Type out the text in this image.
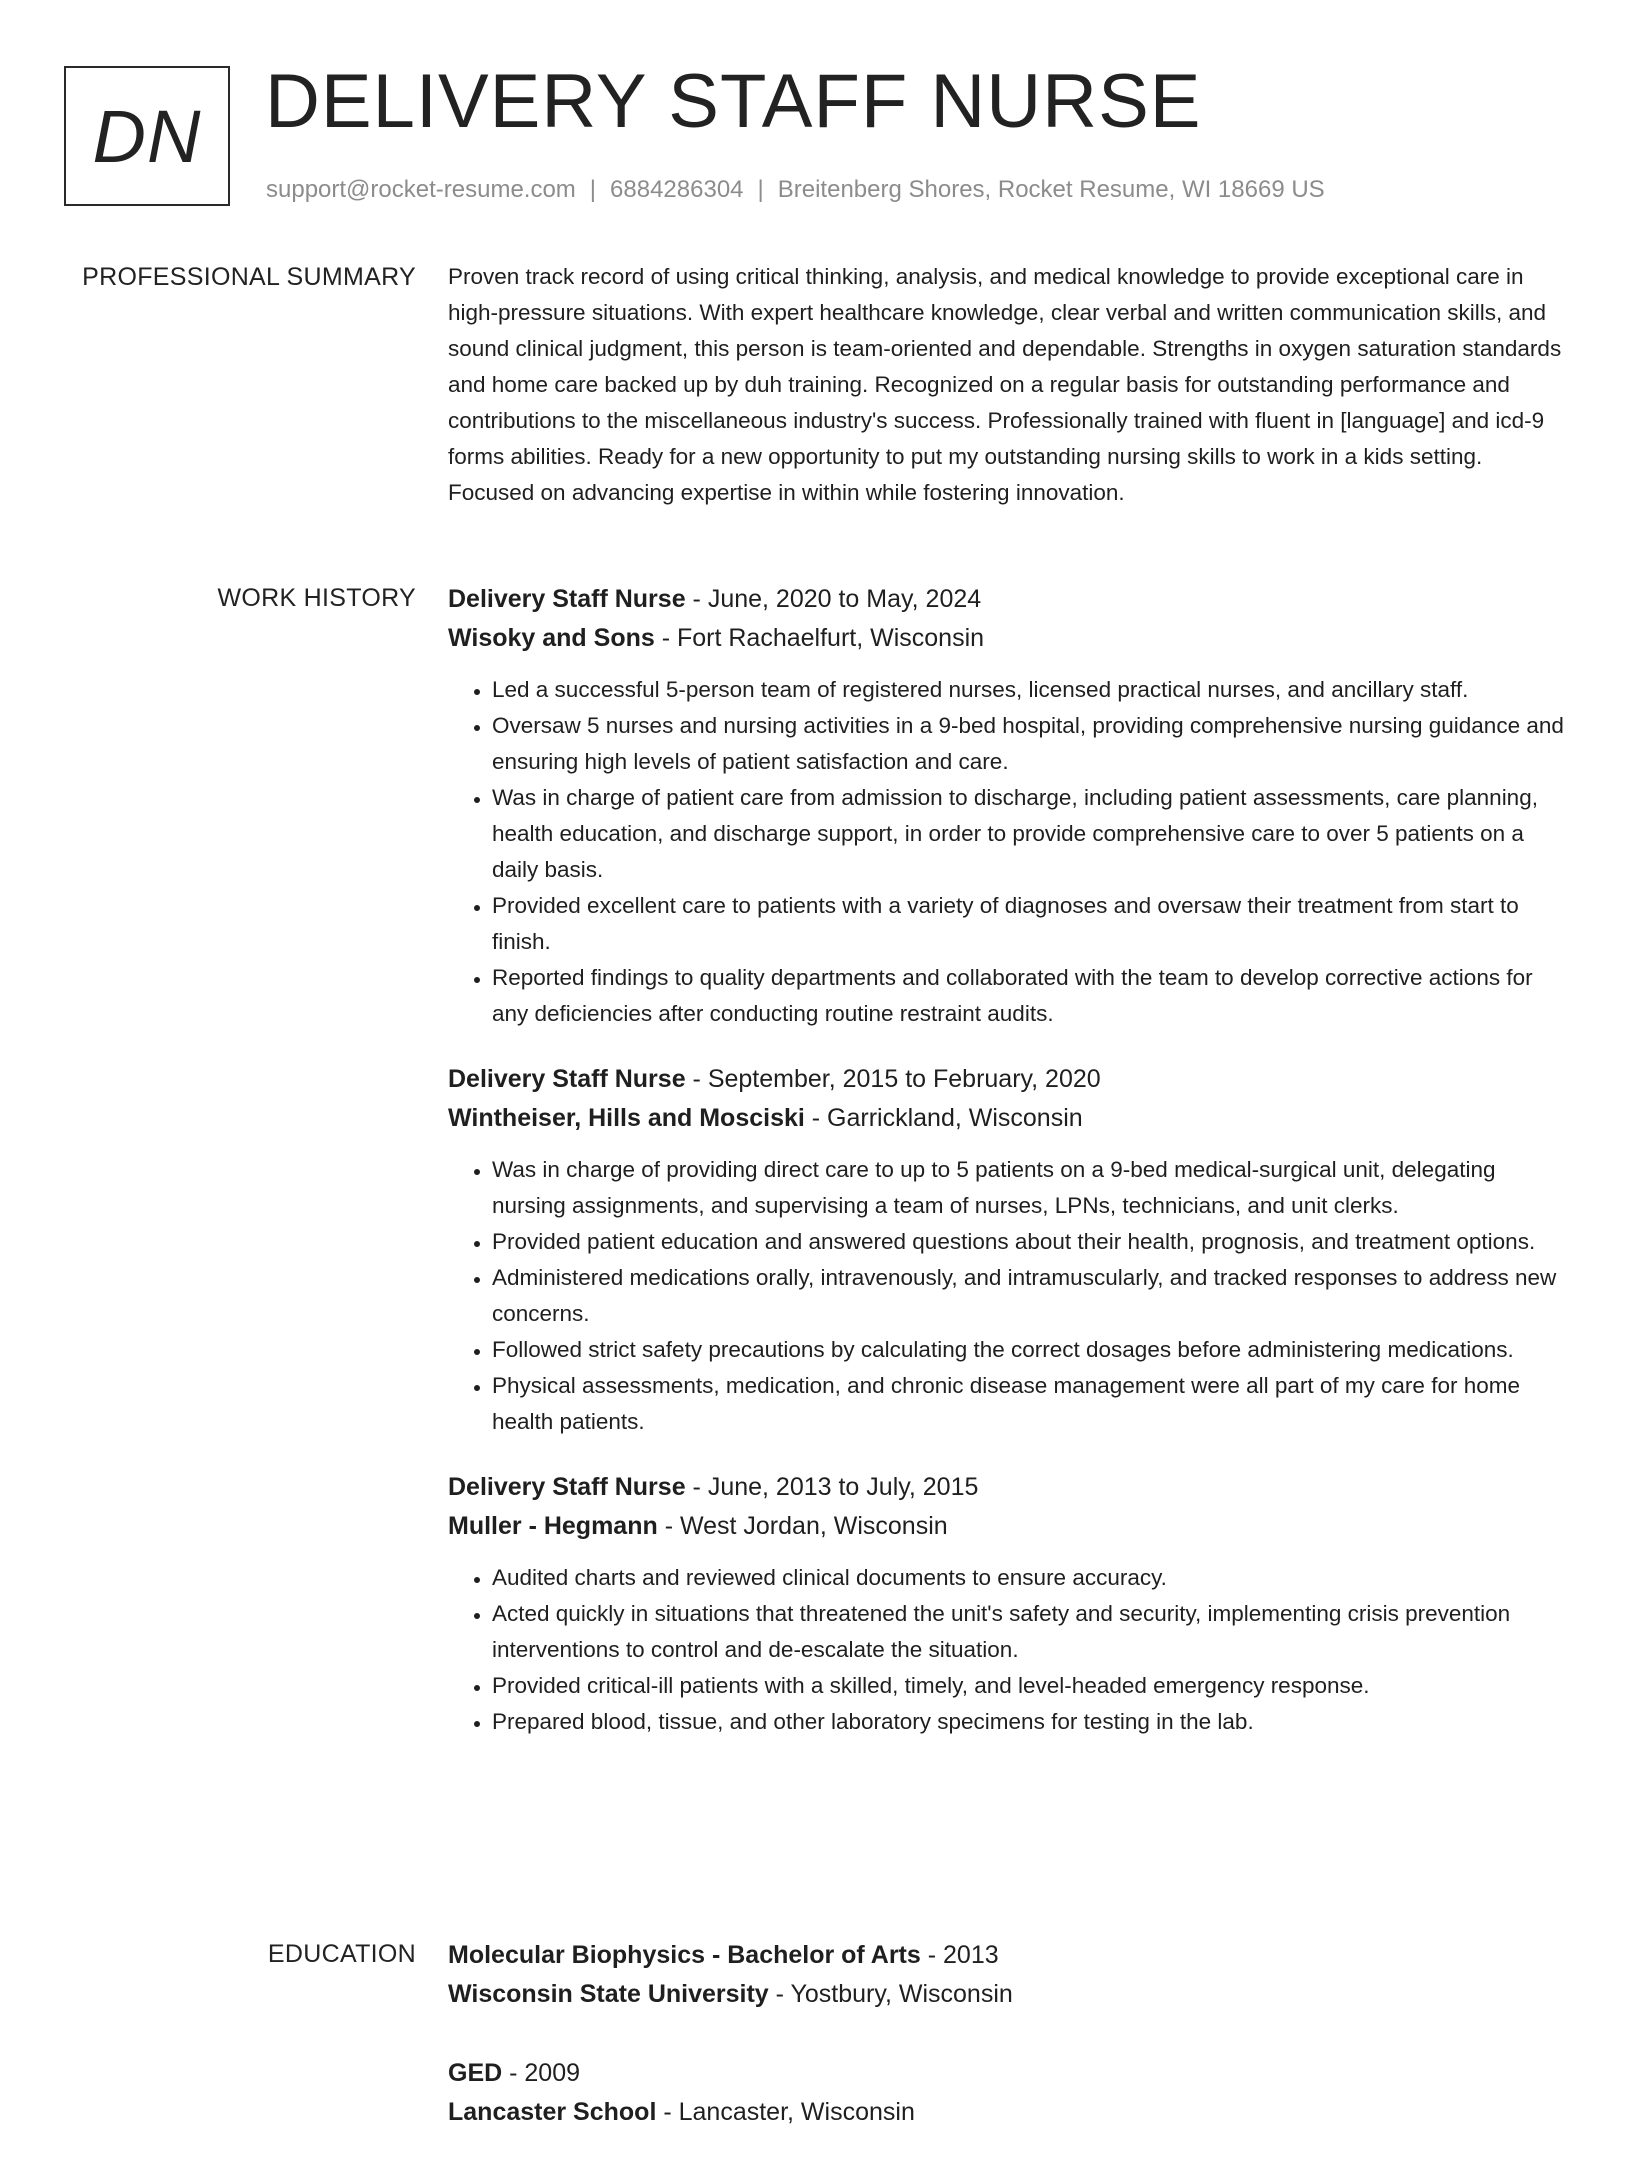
DN DELIVERY STAFF NURSE
support@rocket-resume.com | 6884286304 | Breitenberg Shores, Rocket Resume, WI 18669 US
PROFESSIONAL SUMMARY Proven track record of using critical thinking, analysis, and medical knowledge to provide exceptional care in high-pressure situations. With expert healthcare knowledge, clear verbal and written communication skills, and sound clinical judgment, this person is team-oriented and dependable. Strengths in oxygen saturation standards and home care backed up by duh training. Recognized on a regular basis for outstanding performance and contributions to the miscellaneous industry's success. Professionally trained with fluent in [language] and icd-9 forms abilities. Ready for a new opportunity to put my outstanding nursing skills to work in a kids setting. Focused on advancing expertise in within while fostering innovation.

WORK HISTORY Delivery Staff Nurse - June, 2020 to May, 2024
Wisoky and Sons - Fort Rachaelfurt, Wisconsin
• Led a successful 5-person team of registered nurses, licensed practical nurses, and ancillary staff.
• Oversaw 5 nurses and nursing activities in a 9-bed hospital, providing comprehensive nursing guidance and ensuring high levels of patient satisfaction and care.
• Was in charge of patient care from admission to discharge, including patient assessments, care planning, health education, and discharge support, in order to provide comprehensive care to over 5 patients on a daily basis.
• Provided excellent care to patients with a variety of diagnoses and oversaw their treatment from start to finish.
• Reported findings to quality departments and collaborated with the team to develop corrective actions for any deficiencies after conducting routine restraint audits.
Delivery Staff Nurse - September, 2015 to February, 2020
Wintheiser, Hills and Mosciski - Garrickland, Wisconsin
• Was in charge of providing direct care to up to 5 patients on a 9-bed medical-surgical unit, delegating nursing assignments, and supervising a team of nurses, LPNs, technicians, and unit clerks.
• Provided patient education and answered questions about their health, prognosis, and treatment options.
• Administered medications orally, intravenously, and intramuscularly, and tracked responses to address new concerns.
• Followed strict safety precautions by calculating the correct dosages before administering medications.
• Physical assessments, medication, and chronic disease management were all part of my care for home health patients.
Delivery Staff Nurse - June, 2013 to July, 2015
Muller - Hegmann - West Jordan, Wisconsin
• Audited charts and reviewed clinical documents to ensure accuracy.
• Acted quickly in situations that threatened the unit's safety and security, implementing crisis prevention interventions to control and de-escalate the situation.
• Provided critical-ill patients with a skilled, timely, and level-headed emergency response.
• Prepared blood, tissue, and other laboratory specimens for testing in the lab.
EDUCATION Molecular Biophysics - Bachelor of Arts - 2013
Wisconsin State University - Yostbury, Wisconsin
GED - 2009
Lancaster School - Lancaster, Wisconsin
